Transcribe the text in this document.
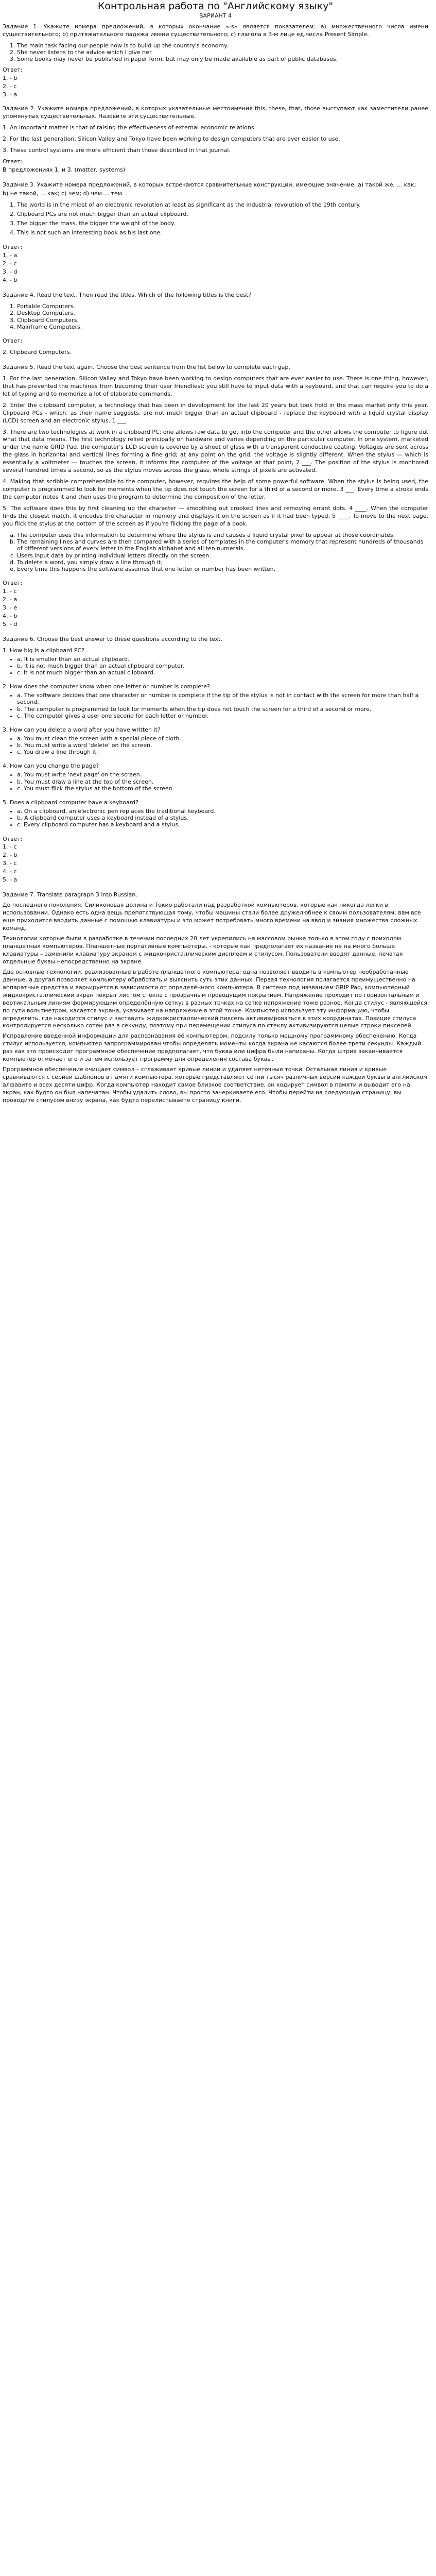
Контрольная работа по "Английскому языку"
ВАРИАНТ 4

Задание 1. Укажите номера предложений, в которых окончание «-s» является показателем: а) множественного числа имени существительного; b) притяжательного падежа имени существительного; с) глагола в 3-м лице ед.числа Present Simple.

1. The main task facing our people now is to build up the country's economy.
2. She never listens to the advice which I give her.
3. Some books may never be published in paper form, but may only be made available as part of public databases.
Ответ:
1. - b
2. - c
3. - a

Задание 2. Укажите номера предложений, в которых указательные местоимения this, these, that, those выступают как заместители ранее упомянутых существительных. Назовите эти существительные.

1. An important matter is that of raising the effectiveness of external economic relations

2. For the last generation, Silicon Valley and Tokyo have been working to design computers that are ever easier to use.

3. These control systems are more efficient than those described in that journal.

Ответ:
В предложениях 1. и 3. (matter, systems)

Задание 3. Укажите номера предложений, в которых встречаются сравнительные конструкции, имеющие значение: а) такой же, ... как;

b) не такой, ... как; с) чем; d) чем ... тем. .

1. The world is in the midst of an electronic revolution at least as significant as the industrial revolution of the 19th century.
2. Clipboard PCs are not much bigger than an actual clipboard.
3. The bigger the mass, the bigger the weight of the body.
4. This is not such an interesting book as his last one.
Ответ:
1. - a
2. - c
3. - d
4. - b

Задание 4. Read the text. Then read the titles. Which of the following titles is the best?

1. Portable Computers.
2. Desktop Computers.
3. Clipboard Computers.
4. Mainframe Computers.
Ответ:
2. Clipboard Computers.

Задание 5. Read the text again. Choose the best sentence from the list below to complete each gap.

1. For the last generation, Silicon Valley and Tokyo have been working to design computers that are ever easier to use. There is one thing, however, that has prevented the machines from becoming their user friendliest: you still have to input data with a keyboard, and that can require you to do a lot of typing and to memorize a lot of elaborate commands.

2. Enter the clipboard computer, a technology that has been in development for the last 20 years but took hold in the mass market only this year. Clipboard PCs - which, as their name suggests, are not much bigger than an actual clipboard - replace the keyboard with a liquid crystal display (LCD) screen and an electronic stylus. 1 ___.

3. There are two technologies at work in a clipboard PC; one allows raw data to get into the computer and the other allows the computer to figure out what that data means. The first technology relied principally on hardware and varies depending on the particular computer. In one system, marketed under the name GRID Pad, the computer's LCD screen is covered by a sheet of glass with a transparent conductive coating. Voltages are sent across the glass in horizontal and vertical lines forming a fine grid; at any point on the grid, the voltage is slightly different. When the stylus — which is essentially a voltmeter — touches the screen, it informs the computer of the voltage at that point, 2 ___. The position of the stylus is monitored several hundred times a second, so as the stylus moves across the glass, whole strings of pixels are activated.

4. Making that scribble comprehensible to the computer, however, requires the help of some powerful software. When the stylus is being used, the computer is programmed to look for moments when the tip does not touch the screen for a third of a second or more. 3 ___. Every time a stroke ends the computer notes it and then uses the program to determine the composition of the letter.

5. The software does this by first cleaning up the character — smoothing out crooked lines and removing errant dots. 4 ____. When the computer finds the closest match, it encodes the character in memory and displays it on the screen as if it had been typed. 5 ____. To move to the next page, you flick the stylus at the bottom of the screen as if you're flicking the page of a book.

a. The computer uses this information to determine where the stylus is and causes a liquid crystal pixel to appear at those coordinates.
b. The remaining lines and curves are then compared with a series of templates in the computer's memory that represent hundreds of thousands of different versions of every letter in the English alphabet and all ten numerals.
c. Users input data by printing individual letters directly on the screen.
d. To delete a word, you simply draw a line through it.
e. Every time this happens the software assumes that one letter or number has been written.
Ответ:
1. - c
2. - a
3. - e
4. - b
5. - d

Задание 6. Choose the best answer to these questions according to the text.

1. How big is a clipboard PC?

• a. It is smaller than an actual clipboard.
• b. It is not much bigger than an actual clipboard computer.
• c. It is not much bigger than an actual clipboard.

2. How does the computer know when one letter or number is complete?

• a. The software decides that one character or number is complete if the tip of the stylus is not in contact with the screen for more than half a second.
• b. The computer is programmed to look for moments when the tip does not touch the screen for a third of a second or more.
• c. The computer gives a user one second for each letter or number.

3. How can you delete a word after you have written it?

• a. You must clean the screen with a special piece of cloth.
• b. You must write a word 'delete' on the screen.
• c. You draw a line through it.

4. How can you change the page?

• a. You must write 'next page' on the screen.
• b. You must draw a line at the top of the screen.
• c. You must flick the stylus at the bottom of the screen.

5. Does a clipboard computer have a keyboard?

• a. On a clipboard, an electronic pen replaces the traditional keyboard.
• b. A clipboard computer uses a keyboard instead of a stylus.
• c. Every clipboard computer has a keyboard and a stylus.
Ответ:
1. - c
2. - b
3. - c
4. - c
5. - a

Задание 7. Translate paragraph 3 into Russian.

До последнего поколения, Силиконовая долина и Токио работали над разработкой компьютеров, которые как никогда легки в использовании. Однако есть одна вещь препятствующая тому, чтобы машины стали более дружелюбнее к своим пользователям: вам все еще приходится вводить данные с помощью клавиатуры и это может потребовать много времени на ввод и знания множества сложных команд.

Технологии которые были в разработке в течении последних 20 лет укрепились на массовом рынке только в этом году с приходом планшетных компьютеров. Планшетные портативные компьютеры, - которые как предполагает их название не на много больше клавиатуры – заменили клавиатуру экраном с жидкокристаллическим дисплеем и стилусом. Пользователи вводят данные, печатая отдельные буквы непосредственно на экране.

Две основные технологии, реализованные в работе планшетного компьютера: одна позволяет вводить в компьютер необработанные данные, а другая позволяет компьютеру обработать и выяснить суть этих данных. Первая технология полагается преимущественно на аппаратные средства и варьируется в зависимости от определённого компьютера. В системе под названием GRIP Pad, компьютерный жидкокристаллический экран покрыт листом стекла с прозрачным проводящим покрытием. Напряжение проходит по горизонтальным и вертикальным линиям формирующим определённую сетку; в разных точках на сетке напряжение тоже разное. Когда стилус - являющейся по сути вольтметром, касается экрана, указывает на напряжение в этой точке. Компьютер использует эту информацию, чтобы определить, где находится стилус и заставить жидкокристаллический пиксель активизироваться в этих координатах. Позиция стилуса контролируется несколько сотен раз в секунду, поэтому при перемещении стилуса по стеклу активизируются целые строки пикселей.

Исправление введенной информации для распознавания её компьютером, подсилу только мощному программному обеспечению. Когда стилус используется, компьютер запрограммирован чтобы определять моменты когда экрана не касаются более трети секунды. Каждый раз как это происходит программное обеспечение предполагает, что буква или цифра были написаны. Когда штрих заканчивается компьютер отмечает его и затем использует программу для определения состава буквы.

Программное обеспечение очищает символ – сглаживает кривые линии и удаляет неточные точки. Остальная линия и кривые сравниваются с серией шаблонов в памяти компьютера, которые представляют сотни тысяч различных версий каждой буквы в английском алфавите и всех десяти цифр. Когда компьютер находит самое близкое соответствие, он кодирует символ в памяти и выводит его на экран, как будто он был напечатан. Чтобы удалить слово, вы просто зачеркиваете его. Чтобы перейти на следующую страницу, вы проводите стилусом внизу экрана, как будто перелистываете страницу книги.
